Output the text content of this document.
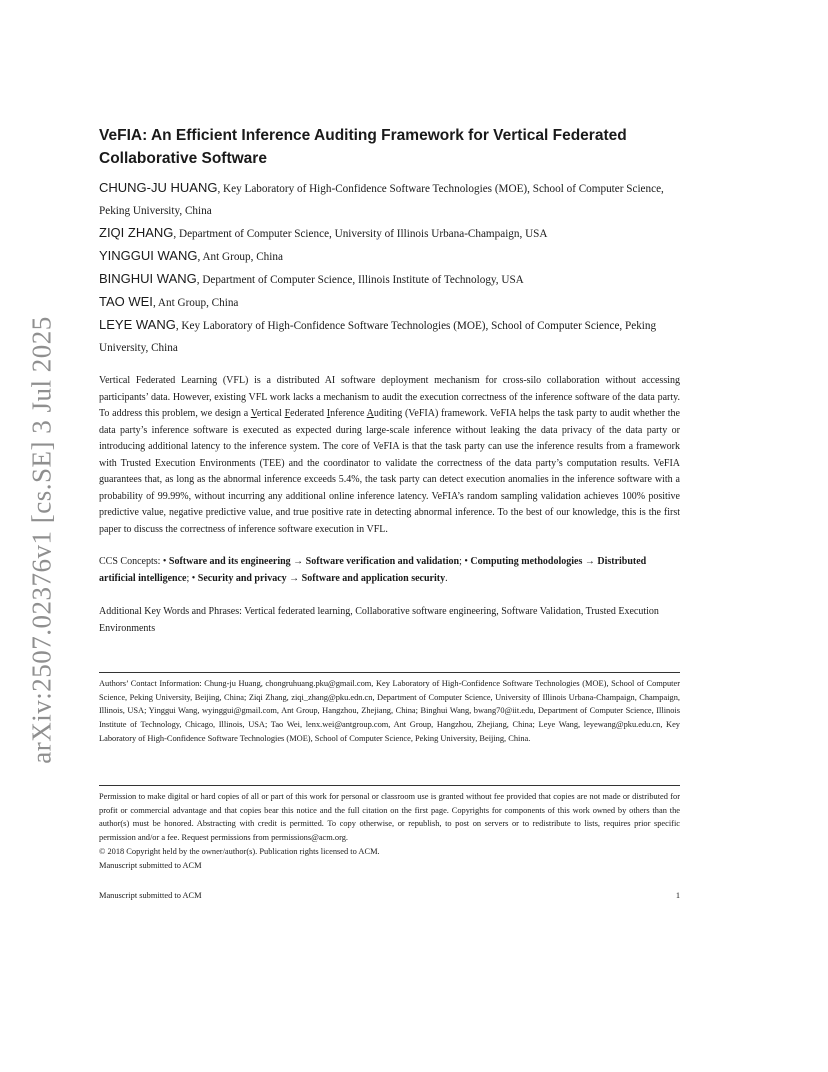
arXiv:2507.02376v1 [cs.SE] 3 Jul 2025
VeFIA: An Efficient Inference Auditing Framework for Vertical Federated Collaborative Software

CHUNG-JU HUANG, Key Laboratory of High-Confidence Software Technologies (MOE), School of Computer Science, Peking University, China

ZIQI ZHANG, Department of Computer Science, University of Illinois Urbana-Champaign, USA

YINGGUI WANG, Ant Group, China

BINGHUI WANG, Department of Computer Science, Illinois Institute of Technology, USA

TAO WEI, Ant Group, China

LEYE WANG, Key Laboratory of High-Confidence Software Technologies (MOE), School of Computer Science, Peking University, China

Vertical Federated Learning (VFL) is a distributed AI software deployment mechanism for cross-silo collaboration without accessing participants’ data. However, existing VFL work lacks a mechanism to audit the execution correctness of the inference software of the data party. To address this problem, we design a Vertical Federated Inference Auditing (VeFIA) framework. VeFIA helps the task party to audit whether the data party’s inference software is executed as expected during large-scale inference without leaking the data privacy of the data party or introducing additional latency to the inference system. The core of VeFIA is that the task party can use the inference results from a framework with Trusted Execution Environments (TEE) and the coordinator to validate the correctness of the data party’s computation results. VeFIA guarantees that, as long as the abnormal inference exceeds 5.4%, the task party can detect execution anomalies in the inference software with a probability of 99.99%, without incurring any additional online inference latency. VeFIA’s random sampling validation achieves 100% positive predictive value, negative predictive value, and true positive rate in detecting abnormal inference. To the best of our knowledge, this is the first paper to discuss the correctness of inference software execution in VFL.

CCS Concepts: • Software and its engineering → Software verification and validation; • Computing methodologies → Distributed artificial intelligence; • Security and privacy → Software and application security.

Additional Key Words and Phrases: Vertical federated learning, Collaborative software engineering, Software Validation, Trusted Execution Environments

Authors’ Contact Information: Chung-ju Huang, chongruhuang.pku@gmail.com, Key Laboratory of High-Confidence Software Technologies (MOE), School of Computer Science, Peking University, Beijing, China; Ziqi Zhang, ziqi_zhang@pku.edn.cn, Department of Computer Science, University of Illinois Urbana-Champaign, Champaign, Illinois, USA; Yinggui Wang, wyinggui@gmail.com, Ant Group, Hangzhou, Zhejiang, China; Binghui Wang, bwang70@iit.edu, Department of Computer Science, Illinois Institute of Technology, Chicago, Illinois, USA; Tao Wei, lenx.wei@antgroup.com, Ant Group, Hangzhou, Zhejiang, China; Leye Wang, leyewang@pku.edu.cn, Key Laboratory of High-Confidence Software Technologies (MOE), School of Computer Science, Peking University, Beijing, China.

Permission to make digital or hard copies of all or part of this work for personal or classroom use is granted without fee provided that copies are not made or distributed for profit or commercial advantage and that copies bear this notice and the full citation on the first page. Copyrights for components of this work owned by others than the author(s) must be honored. Abstracting with credit is permitted. To copy otherwise, or republish, to post on servers or to redistribute to lists, requires prior specific permission and/or a fee. Request permissions from permissions@acm.org.

© 2018 Copyright held by the owner/author(s). Publication rights licensed to ACM.

Manuscript submitted to ACM

Manuscript submitted to ACM	1
